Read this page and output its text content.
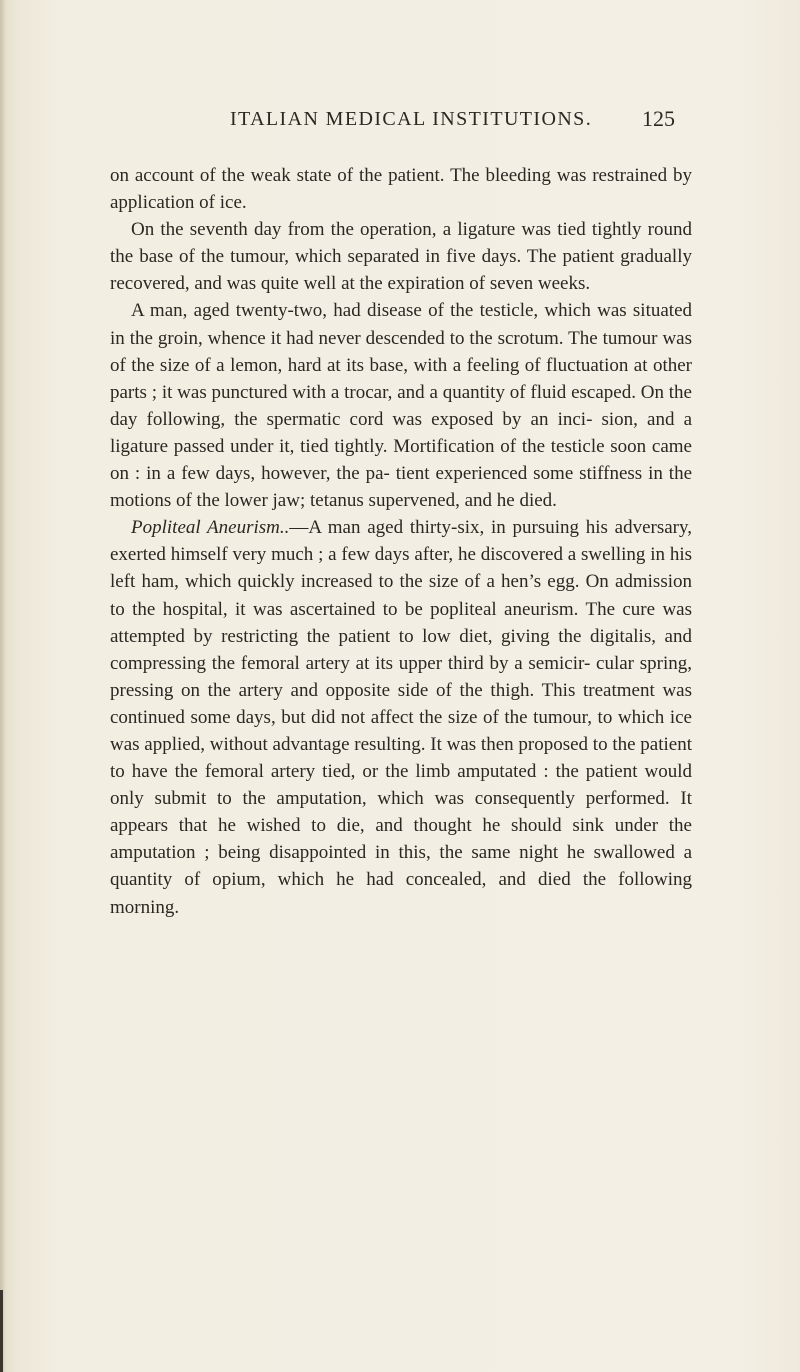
ITALIAN MEDICAL INSTITUTIONS. 125

on account of the weak state of the patient. The bleeding was restrained by application of ice.

On the seventh day from the operation, a ligature was tied tightly round the base of the tumour, which separated in five days. The patient gradually recovered, and was quite well at the expiration of seven weeks.

A man, aged twenty-two, had disease of the testicle, which was situated in the groin, whence it had never descended to the scrotum. The tumour was of the size of a lemon, hard at its base, with a feeling of fluctuation at other parts ; it was punctured with a trocar, and a quantity of fluid escaped. On the day following, the spermatic cord was exposed by an inci- sion, and a ligature passed under it, tied tightly. Mortification of the testicle soon came on : in a few days, however, the pa- tient experienced some stiffness in the motions of the lower jaw; tetanus supervened, and he died.

Popliteal Aneurism..—A man aged thirty-six, in pursuing his adversary, exerted himself very much ; a few days after, he discovered a swelling in his left ham, which quickly increased to the size of a hen’s egg. On admission to the hospital, it was ascertained to be popliteal aneurism. The cure was attempted by restricting the patient to low diet, giving the digitalis, and compressing the femoral artery at its upper third by a semicir- cular spring, pressing on the artery and opposite side of the thigh. This treatment was continued some days, but did not affect the size of the tumour, to which ice was applied, without advantage resulting. It was then proposed to the patient to have the femoral artery tied, or the limb amputated : the patient would only submit to the amputation, which was consequently performed. It appears that he wished to die, and thought he should sink under the amputation ; being disappointed in this, the same night he swallowed a quantity of opium, which he had concealed, and died the following morning.
